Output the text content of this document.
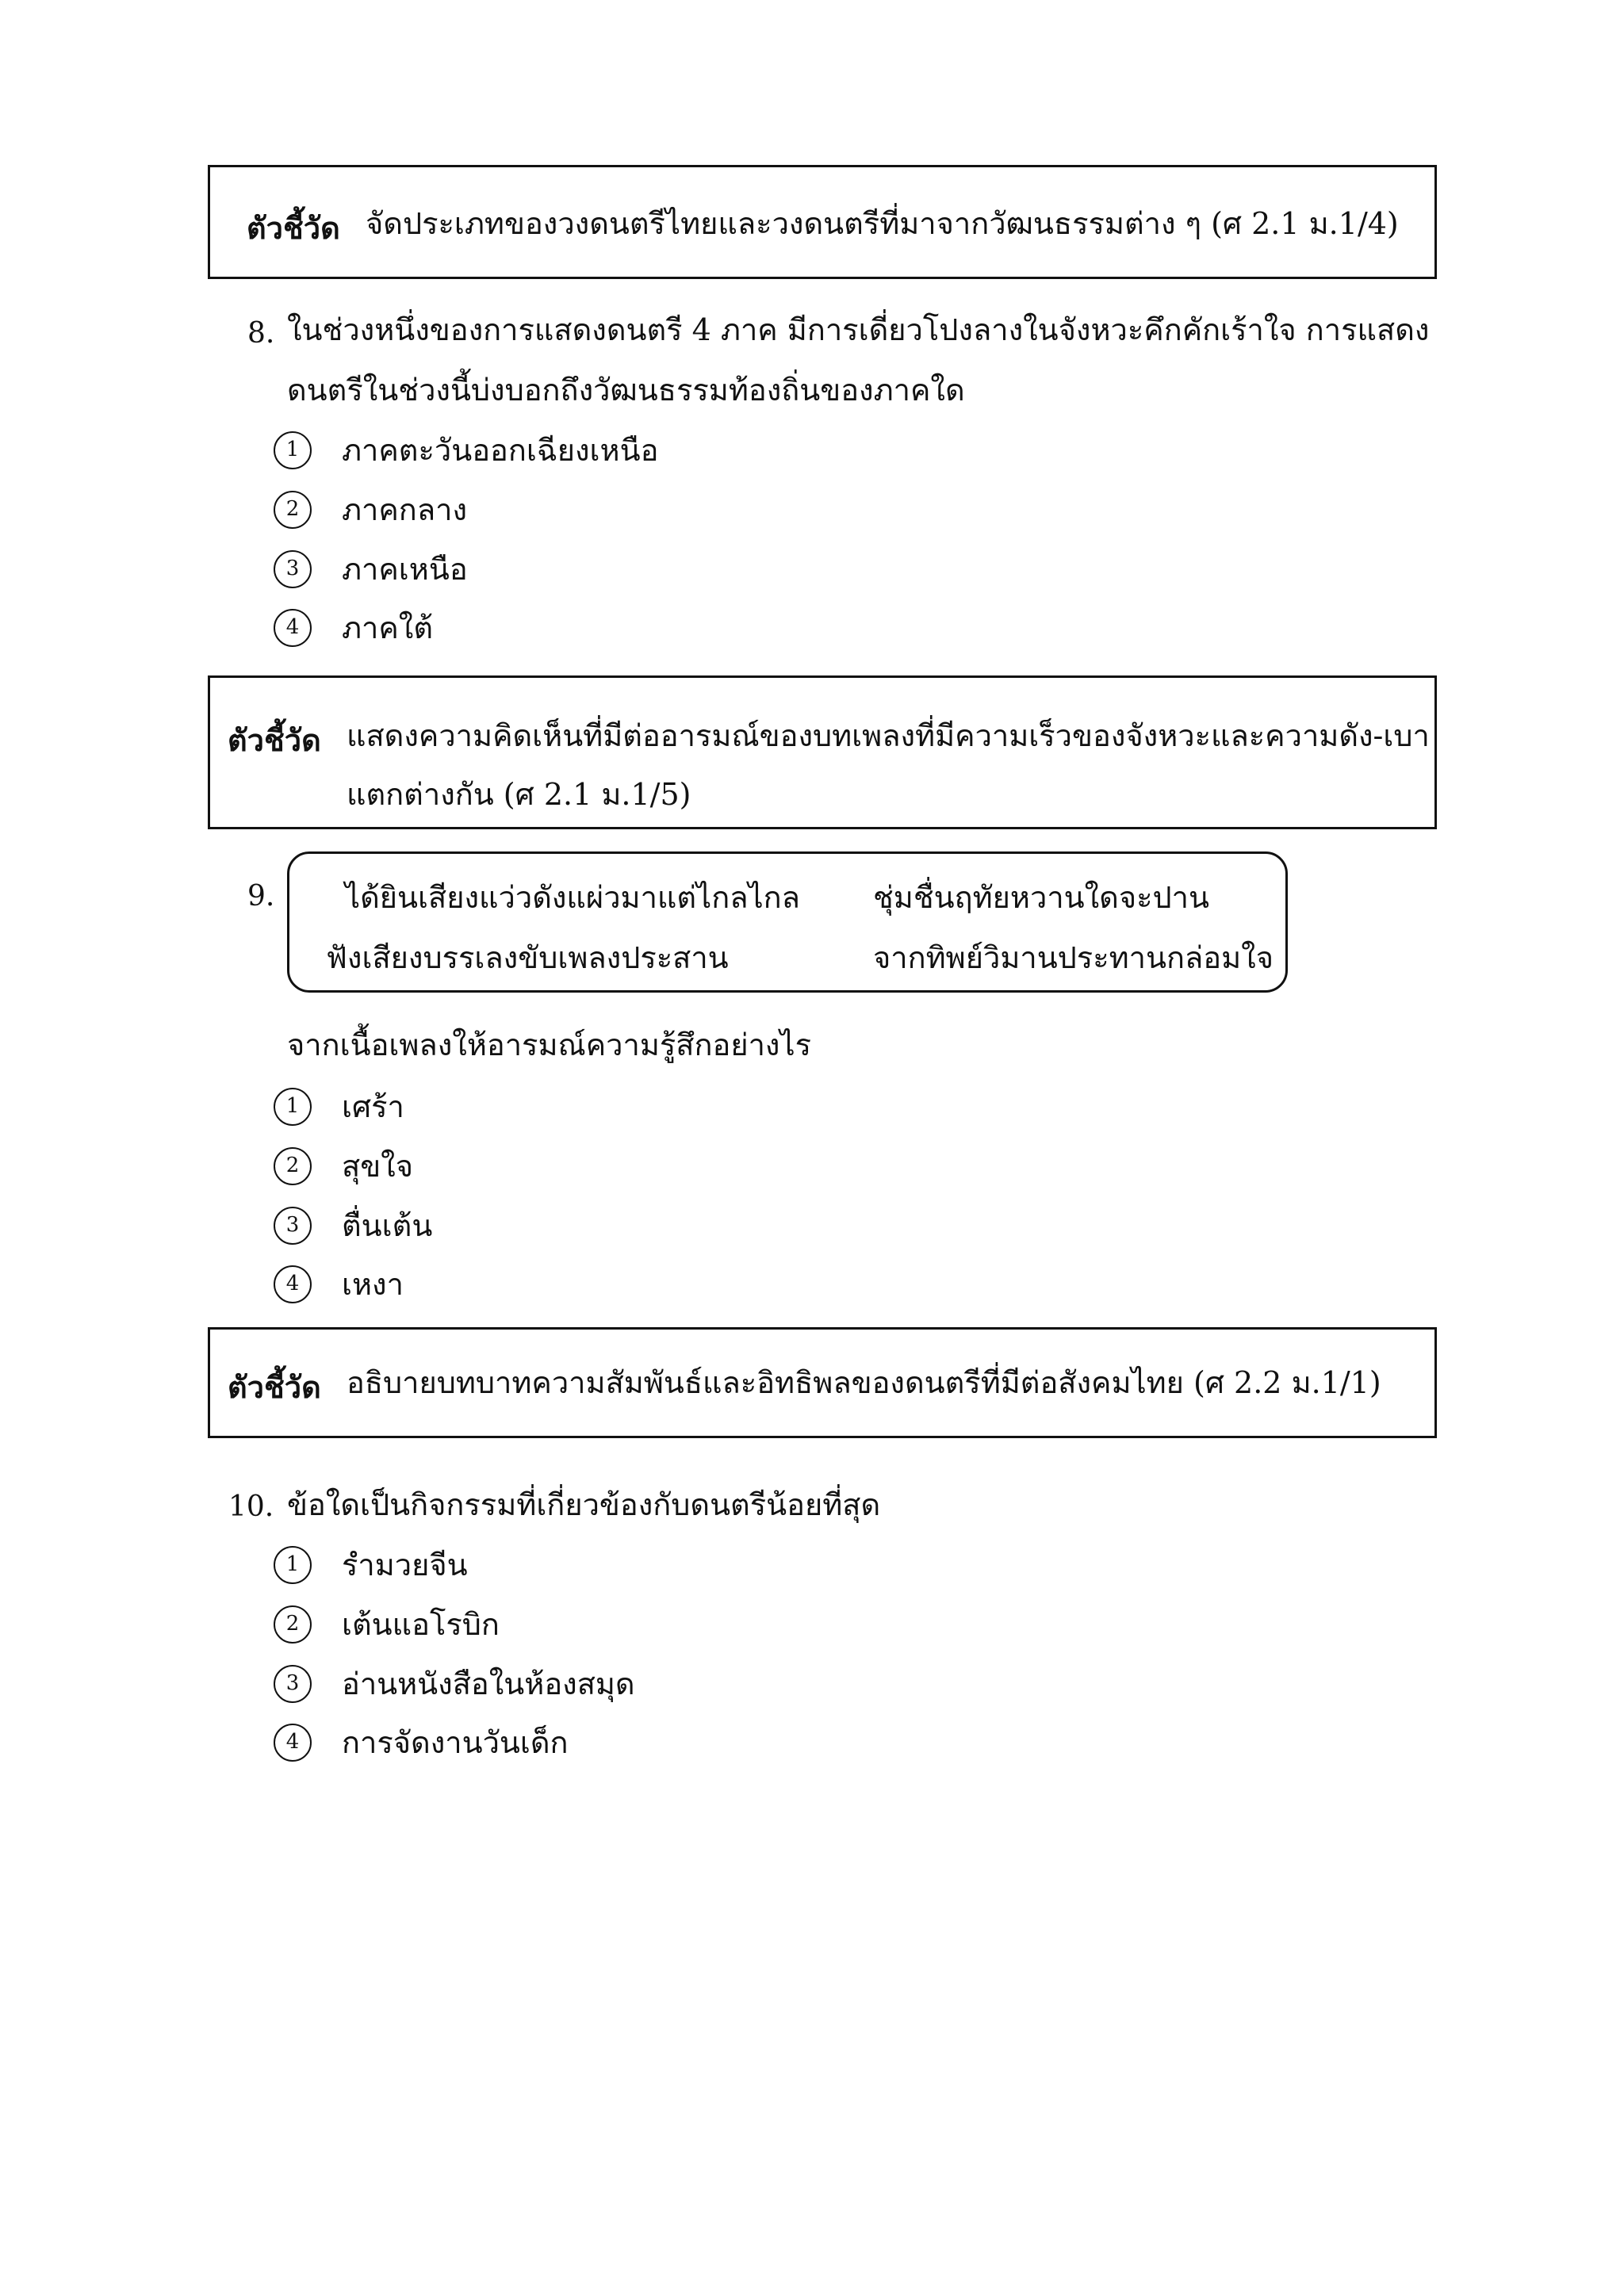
ตัวชี้วัด จัดประเภทของวงดนตรีไทยและวงดนตรีที่มาจากวัฒนธรรมต่าง ๆ (ศ 2.1 ม.1/4)
8. ในช่วงหนึ่งของการแสดงดนตรี 4 ภาค มีการเดี่ยวโปงลางในจังหวะคึกคักเร้าใจ การแสดง
ดนตรีในช่วงนี้บ่งบอกถึงวัฒนธรรมท้องถิ่นของภาคใด
1	ภาคตะวันออกเฉียงเหนือ
2	ภาคกลาง
3	ภาคเหนือ
4	ภาคใต้
ตัวชี้วัด แสดงความคิดเห็นที่มีต่ออารมณ์ของบทเพลงที่มีความเร็วของจังหวะและความดัง-เบา
แตกต่างกัน (ศ 2.1 ม.1/5)
9. ได้ยินเสียงแว่วดังแผ่วมาแต่ไกลไกล ชุ่มชื่นฤทัยหวานใดจะปาน
ฟังเสียงบรรเลงขับเพลงประสาน	จากทิพย์วิมานประทานกล่อมใจ
จากเนื้อเพลงให้อารมณ์ความรู้สึกอย่างไร
1	เศร้า
2	สุขใจ
3	ตื่นเต้น
4	เหงา
ตัวชี้วัด อธิบายบทบาทความสัมพันธ์และอิทธิพลของดนตรีที่มีต่อสังคมไทย (ศ 2.2 ม.1/1)
10. ข้อใดเป็นกิจกรรมที่เกี่ยวข้องกับดนตรีน้อยที่สุด
1	รำมวยจีน
2	เต้นแอโรบิก
3	อ่านหนังสือในห้องสมุด
4	การจัดงานวันเด็ก
